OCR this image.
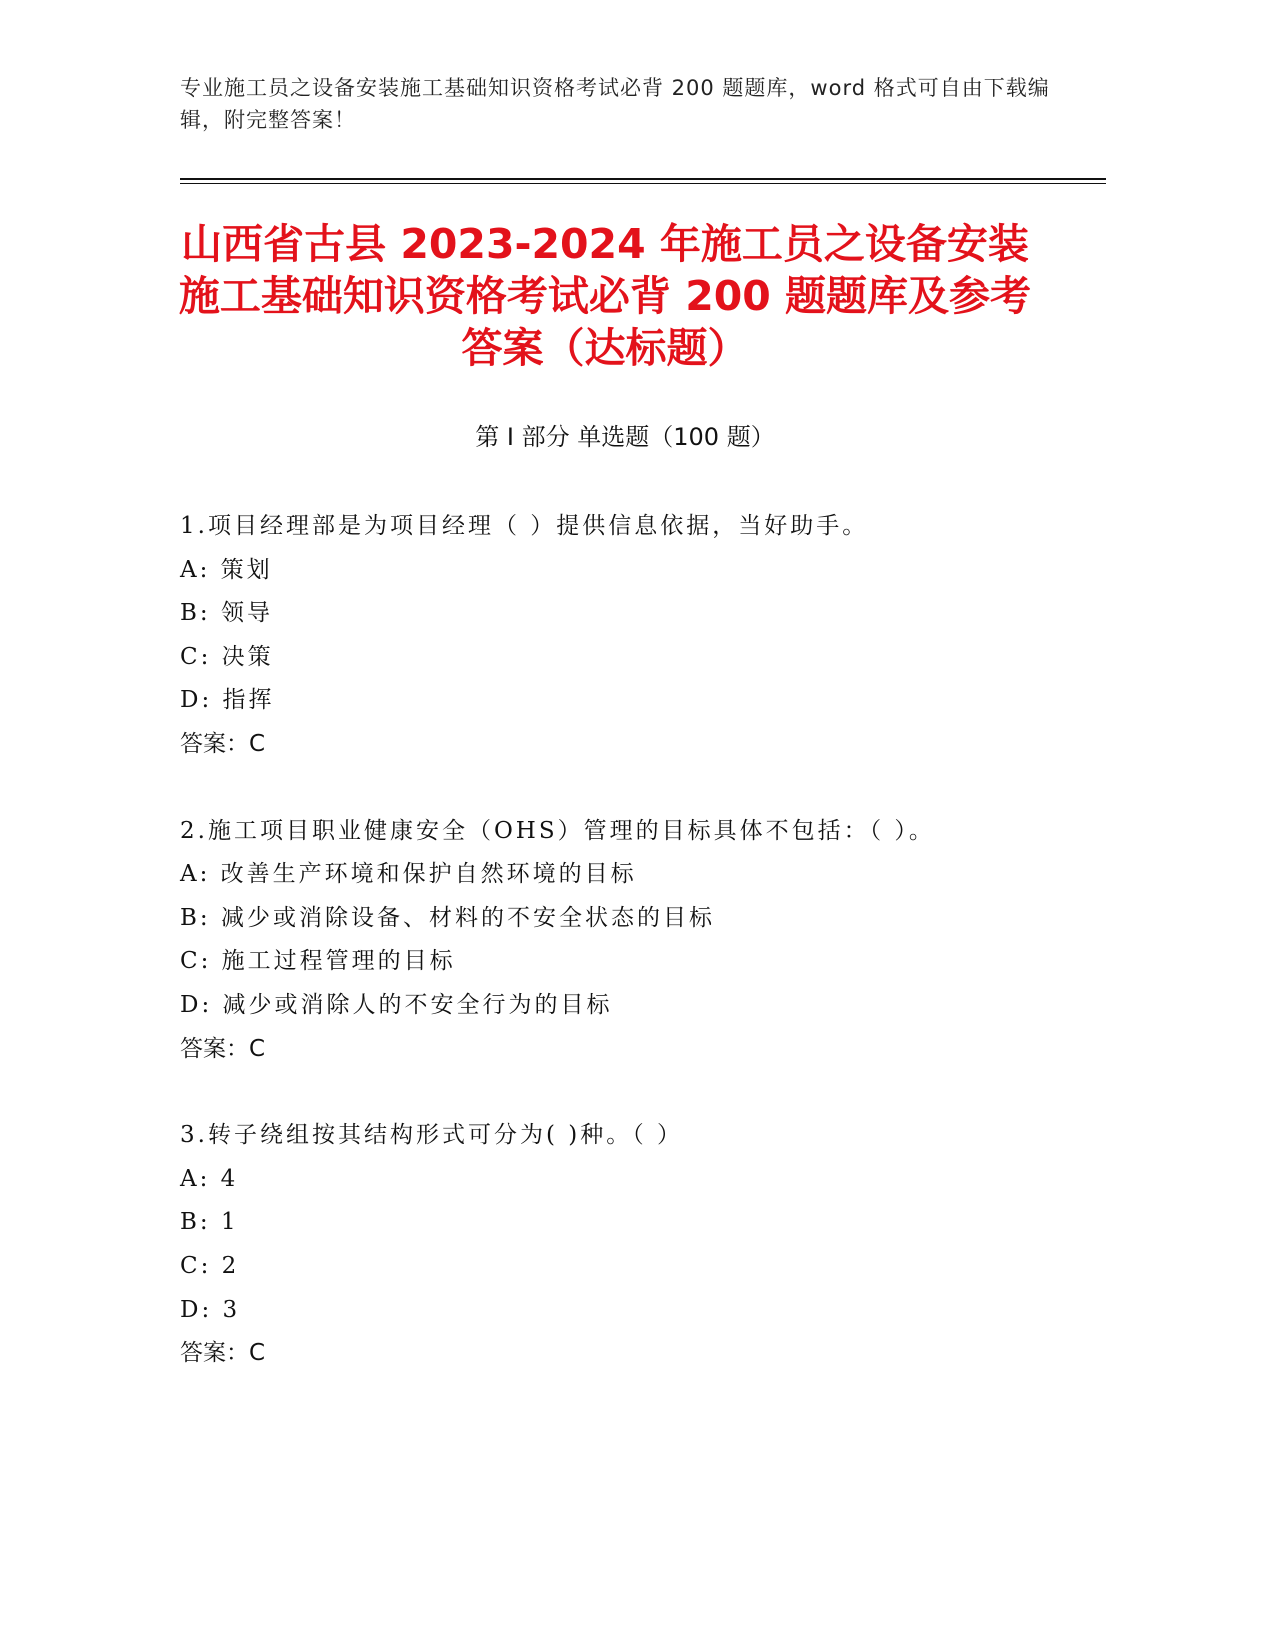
专业施工员之设备安装施工基础知识资格考试必背 200 题题库，word 格式可自由下载编辑，附完整答案！
山西省古县 2023-2024 年施工员之设备安装施工基础知识资格考试必背 200 题题库及参考答案（达标题）
第 I 部分 单选题（100 题）
1.项目经理部是为项目经理（ ）提供信息依据，当好助手。
A: 策划
B: 领导
C: 决策
D: 指挥
答案：C
2.施工项目职业健康安全（OHS）管理的目标具体不包括：（ ）。
A: 改善生产环境和保护自然环境的目标
B: 减少或消除设备、材料的不安全状态的目标
C: 施工过程管理的目标
D: 减少或消除人的不安全行为的目标
答案：C
3.转子绕组按其结构形式可分为( )种。（ ）
A: 4
B: 1
C: 2
D: 3
答案：C
